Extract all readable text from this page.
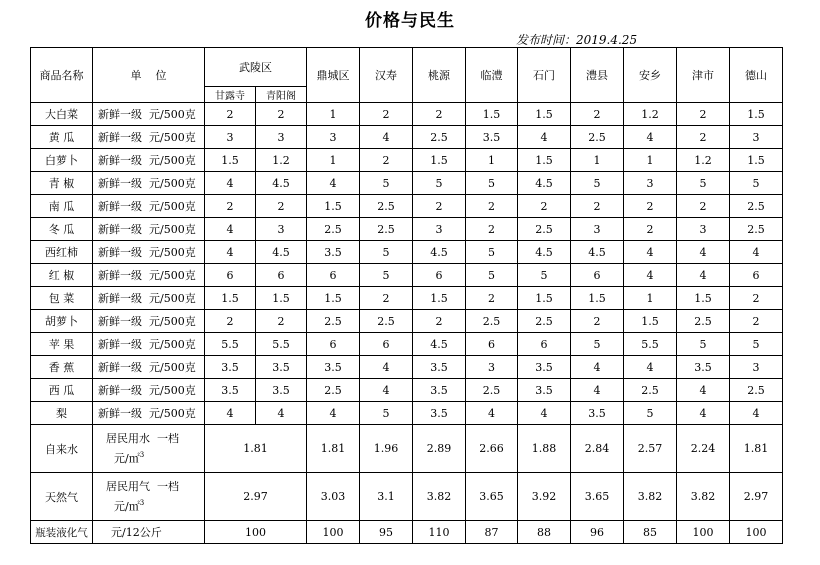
价格与民生
发布时间：2019.4.25
商品名称	单    位	武陵区		鼎城区	汉寿	桃源	临澧	石门	澧县	安乡	津市	德山
		甘露寺	青阳阁									
大白菜	新鲜一级  元/500克	2	2	1	2	2	1.5	1.5	2	1.2	2	1.5
黄 瓜	新鲜一级  元/500克	3	3	3	4	2.5	3.5	4	2.5	4	2	3
白萝卜	新鲜一级  元/500克	1.5	1.2	1	2	1.5	1	1.5	1	1	1.2	1.5
青 椒	新鲜一级  元/500克	4	4.5	4	5	5	5	4.5	5	3	5	5
南 瓜	新鲜一级  元/500克	2	2	1.5	2.5	2	2	2	2	2	2	2.5
冬 瓜	新鲜一级  元/500克	4	3	2.5	2.5	3	2	2.5	3	2	3	2.5
西红柿	新鲜一级  元/500克	4	4.5	3.5	5	4.5	5	4.5	4.5	4	4	4
红 椒	新鲜一级  元/500克	6	6	6	5	6	5	5	6	4	4	6
包 菜	新鲜一级  元/500克	1.5	1.5	1.5	2	1.5	2	1.5	1.5	1	1.5	2
胡萝卜	新鲜一级  元/500克	2	2	2.5	2.5	2	2.5	2.5	2	1.5	2.5	2
苹 果	新鲜一级  元/500克	5.5	5.5	6	6	4.5	6	6	5	5.5	5	5
香 蕉	新鲜一级  元/500克	3.5	3.5	3.5	4	3.5	3	3.5	4	4	3.5	3
西 瓜	新鲜一级  元/500克	3.5	3.5	2.5	4	3.5	2.5	3.5	4	2.5	4	2.5
梨	新鲜一级  元/500克	4	4	4	5	3.5	4	4	3.5	5	4	4
自来水	居民用水  一档
元/㎡$^3$	1.81		1.81	1.96	2.89	2.66	1.88	2.84	2.57	2.24	1.81
天然气	居民用气  一档
元/㎡$^3$	2.97		3.03	3.1	3.82	3.65	3.92	3.65	3.82	3.82	2.97
瓶装液化气	元/12公斤	100		100	95	110	87	88	96	85	100	100
